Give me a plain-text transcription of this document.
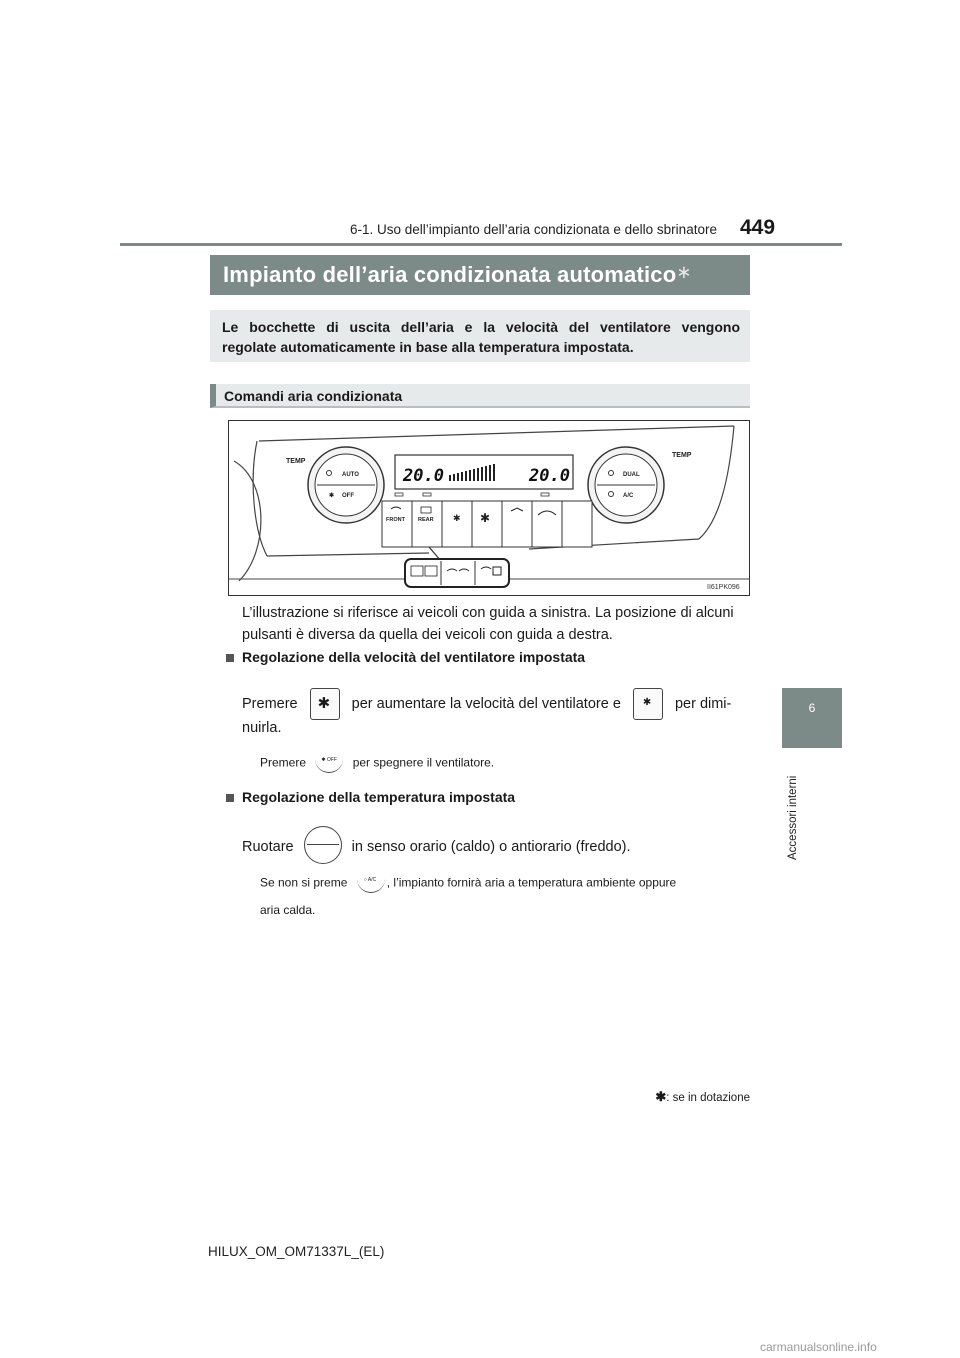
6-1. Uso dell’impianto dell’aria condizionata e dello sbrinatore 449
6
Accessori interni
Impianto dell’aria condizionata automatico∗
Le bocchette di uscita dell’aria e la velocità del ventilatore vengono
regolate automaticamente in base alla temperatura impostata.
Comandi aria condizionata
TEMP
TEMP
AUTO
✱ OFF
DUAL
A/C
20.0	20.0
FRONT REAR ✱ ✱
II61PK096
L’illustrazione si riferisce ai veicoli con guida a sinistra. La posizione di alcuni
pulsanti è diversa da quella dei veicoli con guida a destra.
Regolazione della velocità del ventilatore impostata
Premere ✱ per aumentare la velocità del ventilatore e ✱ per dimi-
nuirla.
Premere	✱ OFF per spegnere il ventilatore.
Regolazione della temperatura impostata
Ruotare	in senso orario (caldo) o antiorario (freddo).
Se non si preme	○ A/C , l’impianto fornirà aria a temperatura ambiente oppure
aria calda.
✱: se in dotazione
HILUX_OM_OM71337L_(EL)
carmanualsonline.info
